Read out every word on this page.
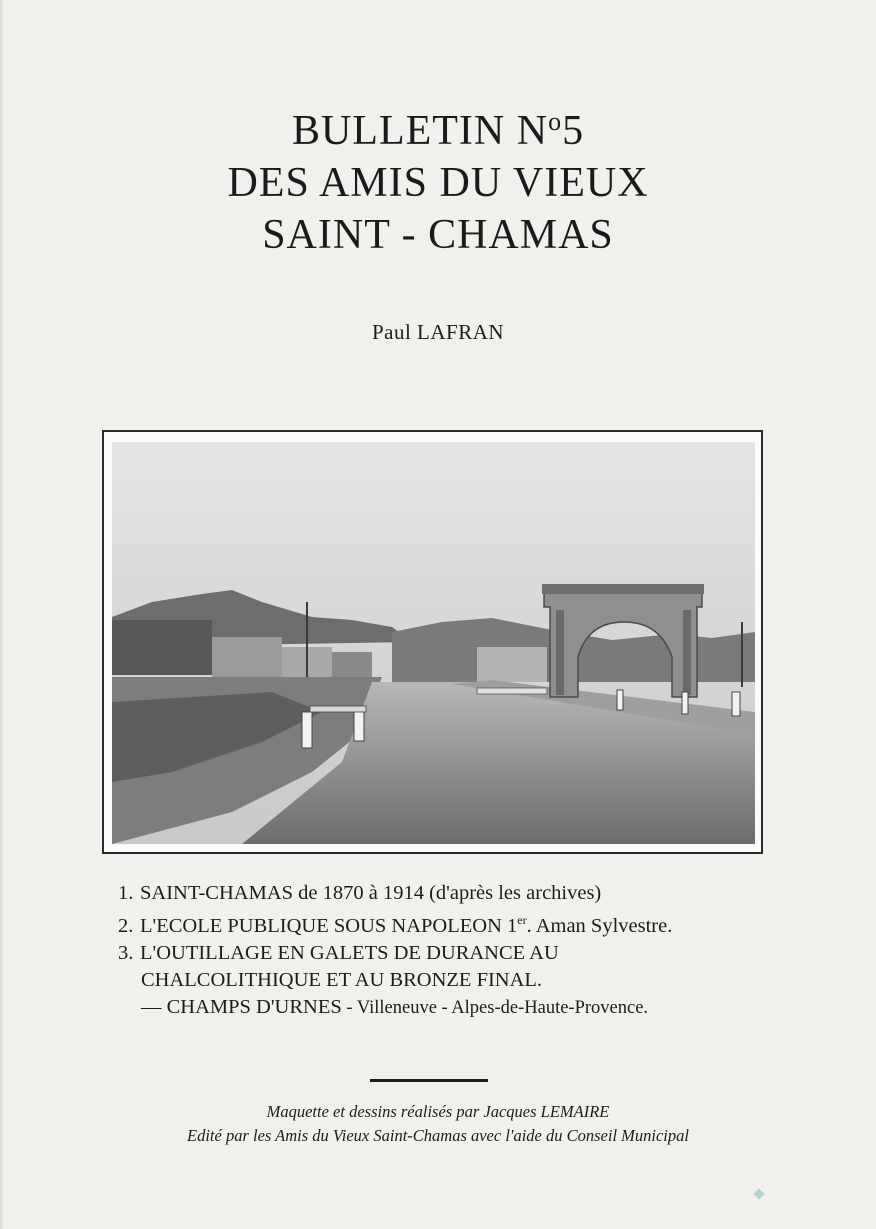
BULLETIN $N^o5$
DES AMIS DU VIEUX
SAINT - CHAMAS
Paul LAFRAN
1. SAINT-CHAMAS de 1870 à 1914 (d'après les archives)
2. L'ECOLE PUBLIQUE SOUS NAPOLEON 1er. Aman Sylvestre.
3. L'OUTILLAGE EN GALETS DE DURANCE AU
CHALCOLITHIQUE ET AU BRONZE FINAL.
— CHAMPS D'URNES - Villeneuve - Alpes-de-Haute-Provence.
Maquette et dessins réalisés par Jacques LEMAIRE
Edité par les Amis du Vieux Saint-Chamas avec l'aide du Conseil Municipal
